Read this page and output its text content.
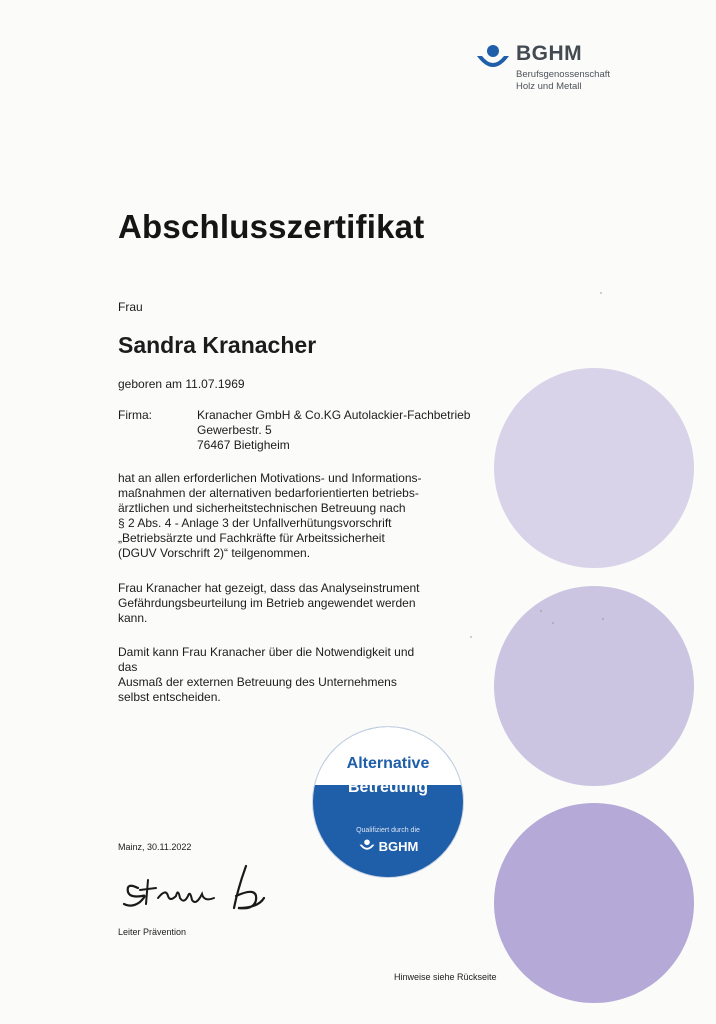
BGHM
Berufsgenossenschaft
Holz und Metall
Abschlusszertifikat
Frau
Sandra Kranacher
geboren am 11.07.1969
Firma:	Kranacher GmbH & Co.KG Autolackier-Fachbetrieb
Gewerbestr. 5
76467 Bietigheim
hat an allen erforderlichen Motivations- und Informations-
maßnahmen der alternativen bedarforientierten betriebs-
ärztlichen und sicherheitstechnischen Betreuung nach
§ 2 Abs. 4 - Anlage 3 der Unfallverhütungsvorschrift
„Betriebsärzte und Fachkräfte für Arbeitssicherheit
(DGUV Vorschrift 2)“ teilgenommen.
Frau Kranacher hat gezeigt, dass das Analyseinstrument
Gefährdungsbeurteilung im Betrieb angewendet werden
kann.
Damit kann Frau Kranacher über die Notwendigkeit und
das
Ausmaß der externen Betreuung des Unternehmens
selbst entscheiden.
Alternative
Betreuung
Qualifiziert durch die
BGHM
Mainz, 30.11.2022
Leiter Prävention
Hinweise siehe Rückseite
